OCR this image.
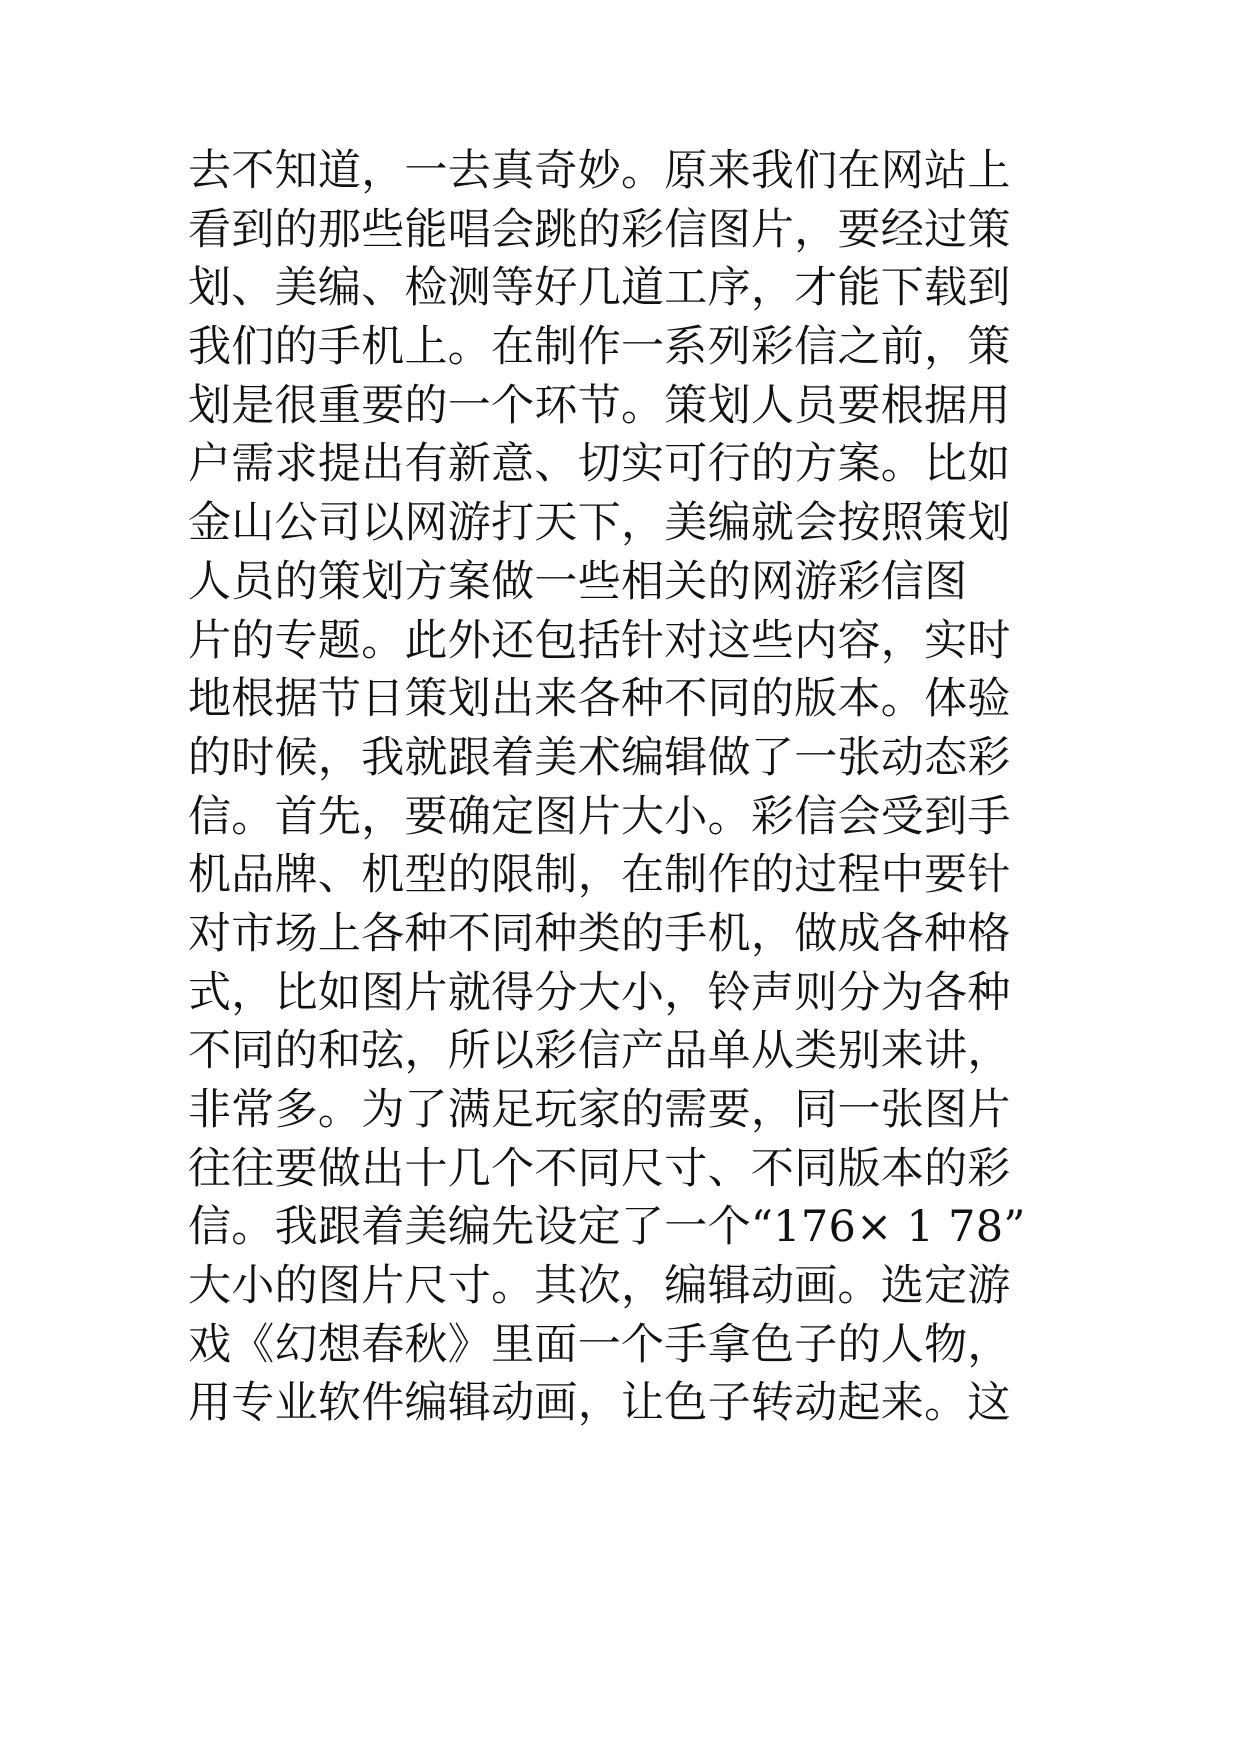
去不知道，一去真奇妙。原来我们在网站上
看到的那些能唱会跳的彩信图片，要经过策
划、美编、检测等好几道工序，才能下载到
我们的手机上。在制作一系列彩信之前，策
划是很重要的一个环节。策划人员要根据用
户需求提出有新意、切实可行的方案。比如
金山公司以网游打天下，美编就会按照策划
人员的策划方案做一些相关的网游彩信图
片的专题。此外还包括针对这些内容，实时
地根据节日策划出来各种不同的版本。体验
的时候，我就跟着美术编辑做了一张动态彩
信。首先，要确定图片大小。彩信会受到手
机品牌、机型的限制，在制作的过程中要针
对市场上各种不同种类的手机，做成各种格
式，比如图片就得分大小，铃声则分为各种
不同的和弦，所以彩信产品单从类别来讲，
非常多。为了满足玩家的需要，同一张图片
往往要做出十几个不同尺寸、不同版本的彩
信。我跟着美编先设定了一个“176× 1 78”
大小的图片尺寸。其次，编辑动画。选定游
戏《幻想春秋》里面一个手拿色子的人物，
用专业软件编辑动画，让色子转动起来。这
